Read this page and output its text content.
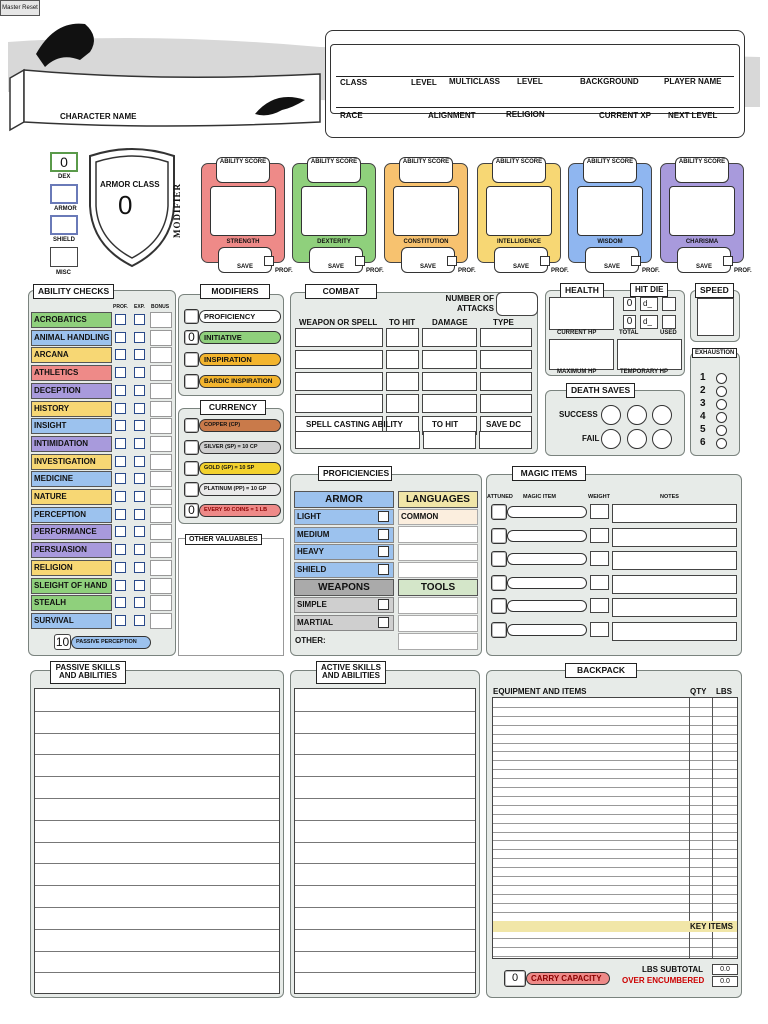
Master Reset
CHARACTER NAME
CLASS	LEVEL MULTICLASS LEVEL	BACKGROUND	PLAYER NAME
RACE	ALIGNMENT	RELIGION	CURRENT XP NEXT LEVEL
0
DEX
ARMOR
SHIELD
MISC
ARMOR CLASS
0	MODIFIER
ABILITY SCORE
STRENGTH
SAVE
PROF.
ABILITY SCORE
DEXTERITY
SAVE
PROF.
ABILITY SCORE
CONSTITUTION
SAVE
PROF.
ABILITY SCORE
INTELLIGENCE
SAVE
PROF.
ABILITY SCORE
WISDOM
SAVE
PROF.
ABILITY SCORE
CHARISMA
SAVE
PROF.
ABILITY CHECKS
PROF. EXP. BONUS
ACROBATICS
ANIMAL HANDLING
ARCANA
ATHLETICS
DECEPTION
HISTORY
INSIGHT
INTIMIDATION
INVESTIGATION
MEDICINE
NATURE
PERCEPTION
PERFORMANCE
PERSUASION
RELIGION
SLEIGHT OF HAND
STEALH
SURVIVAL
10	PASSIVE PERCEPTION
MODIFIERS
PROFICIENCY
0	INITIATIVE
INSPIRATION
BARDIC INSPIRATION
CURRENCY
COPPER (CP)
SILVER (SP) = 10 CP
GOLD (GP) = 10 SP
PLATINUM (PP) = 10 GP
0	EVERY 50 COINS = 1 LB
OTHER VALUABLES
COMBAT
NUMBER OF ATTACKS
WEAPON OR SPELL TO HIT DAMAGE	TYPE
SPELL CASTING ABILITY	TO HIT	SAVE DC
HEALTH
CURRENT HP
HIT DIE
0	d_
0	d_
TOTAL	USED
MAXIMUM HP	TEMPORARY HP
SPEED
EXHAUSTION
1
2
3
4
5
6
DEATH SAVES
SUCCESS
FAIL
PROFICIENCIES
ARMOR
LIGHT
MEDIUM
HEAVY
SHIELD
WEAPONS
SIMPLE
MARTIAL
OTHER:
LANGUAGES
COMMON
TOOLS
MAGIC ITEMS
ATTUNED MAGIC ITEM	WEIGHT	NOTES
PASSIVE SKILLS AND ABILITIES
ACTIVE SKILLS AND ABILITIES
BACKPACK
EQUIPMENT AND ITEMS	QTY LBS
KEY ITEMS
0	CARRY CAPACITY
LBS SUBTOTAL	0.0
OVER ENCUMBERED	0.0
